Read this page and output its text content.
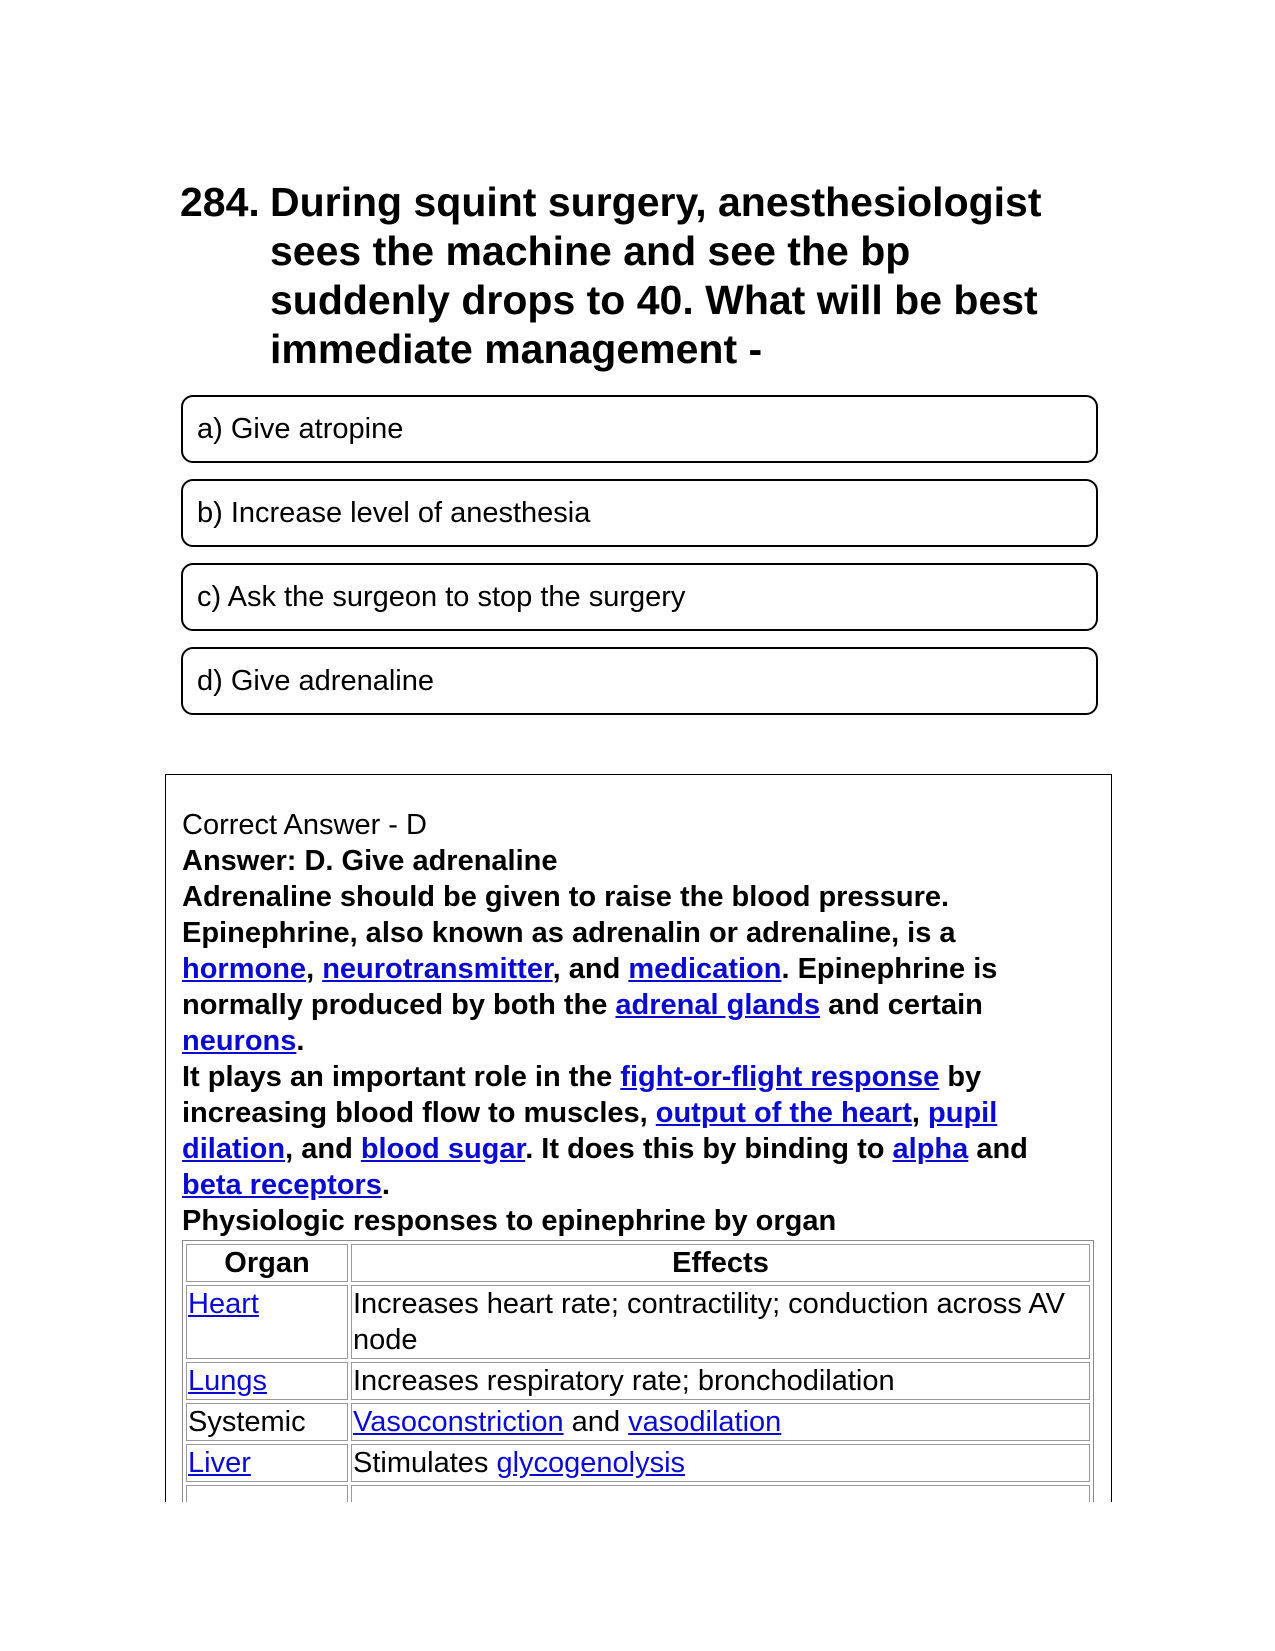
284. During squint surgery, anesthesiologist sees the machine and see the bp suddenly drops to 40. What will be best immediate management -
a) Give atropine
b) Increase level of anesthesia
c) Ask the surgeon to stop the surgery
d) Give adrenaline
Correct Answer - D
Answer: D. Give adrenaline
Adrenaline should be given to raise the blood pressure.
Epinephrine, also known as adrenalin or adrenaline, is a hormone, neurotransmitter, and medication. Epinephrine is normally produced by both the adrenal glands and certain neurons.
It plays an important role in the fight-or-flight response by increasing blood flow to muscles, output of the heart, pupil dilation, and blood sugar. It does this by binding to alpha and beta receptors.
Physiologic responses to epinephrine by organ
Organ	Effects
Heart	Increases heart rate; contractility; conduction across AV node
Lungs	Increases respiratory rate; bronchodilation
Systemic	Vasoconstriction and vasodilation
Liver	Stimulates glycogenolysis
